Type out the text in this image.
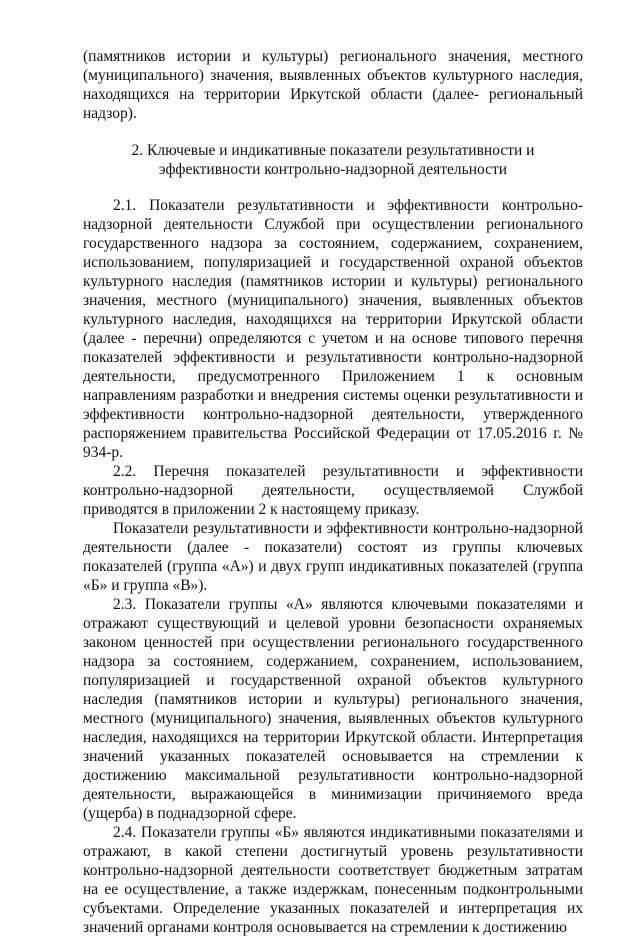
(памятников истории и культуры) регионального значения, местного (муниципального) значения, выявленных объектов культурного наследия, находящихся на территории Иркутской области (далее- региональный надзор).

2. Ключевые и индикативные показатели результативности и
эффективности контрольно-надзорной деятельности

2.1. Показатели результативности и эффективности контрольно-надзорной деятельности Службой при осуществлении регионального государственного надзора за состоянием, содержанием, сохранением, использованием, популяризацией и государственной охраной объектов культурного наследия (памятников истории и культуры) регионального значения, местного (муниципального) значения, выявленных объектов культурного наследия, находящихся на территории Иркутской области (далее - перечни) определяются с учетом и на основе типового перечня показателей эффективности и результативности контрольно-надзорной деятельности, предусмотренного Приложением 1 к основным направлениям разработки и внедрения системы оценки результативности и эффективности контрольно-надзорной деятельности, утвержденного распоряжением правительства Российской Федерации от 17.05.2016 г. № 934-р.

2.2. Перечня показателей результативности и эффективности контрольно-надзорной деятельности, осуществляемой Службой приводятся в приложении 2 к настоящему приказу.

Показатели результативности и эффективности контрольно-надзорной деятельности (далее - показатели) состоят из группы ключевых показателей (группа «А») и двух групп индикативных показателей (группа «Б» и группа «В»).

2.3. Показатели группы «А» являются ключевыми показателями и отражают существующий и целевой уровни безопасности охраняемых законом ценностей при осуществлении регионального государственного надзора за состоянием, содержанием, сохранением, использованием, популяризацией и государственной охраной объектов культурного наследия (памятников истории и культуры) регионального значения, местного (муниципального) значения, выявленных объектов культурного наследия, находящихся на территории Иркутской области. Интерпретация значений указанных показателей основывается на стремлении к достижению максимальной результативности контрольно-надзорной деятельности, выражающейся в минимизации причиняемого вреда (ущерба) в поднадзорной сфере.

2.4. Показатели группы «Б» являются индикативными показателями и отражают, в какой степени достигнутый уровень результативности контрольно-надзорной деятельности соответствует бюджетным затратам на ее осуществление, а также издержкам, понесенным подконтрольными субъектами. Определение указанных показателей и интерпретация их значений органами контроля основывается на стремлении к достижению
